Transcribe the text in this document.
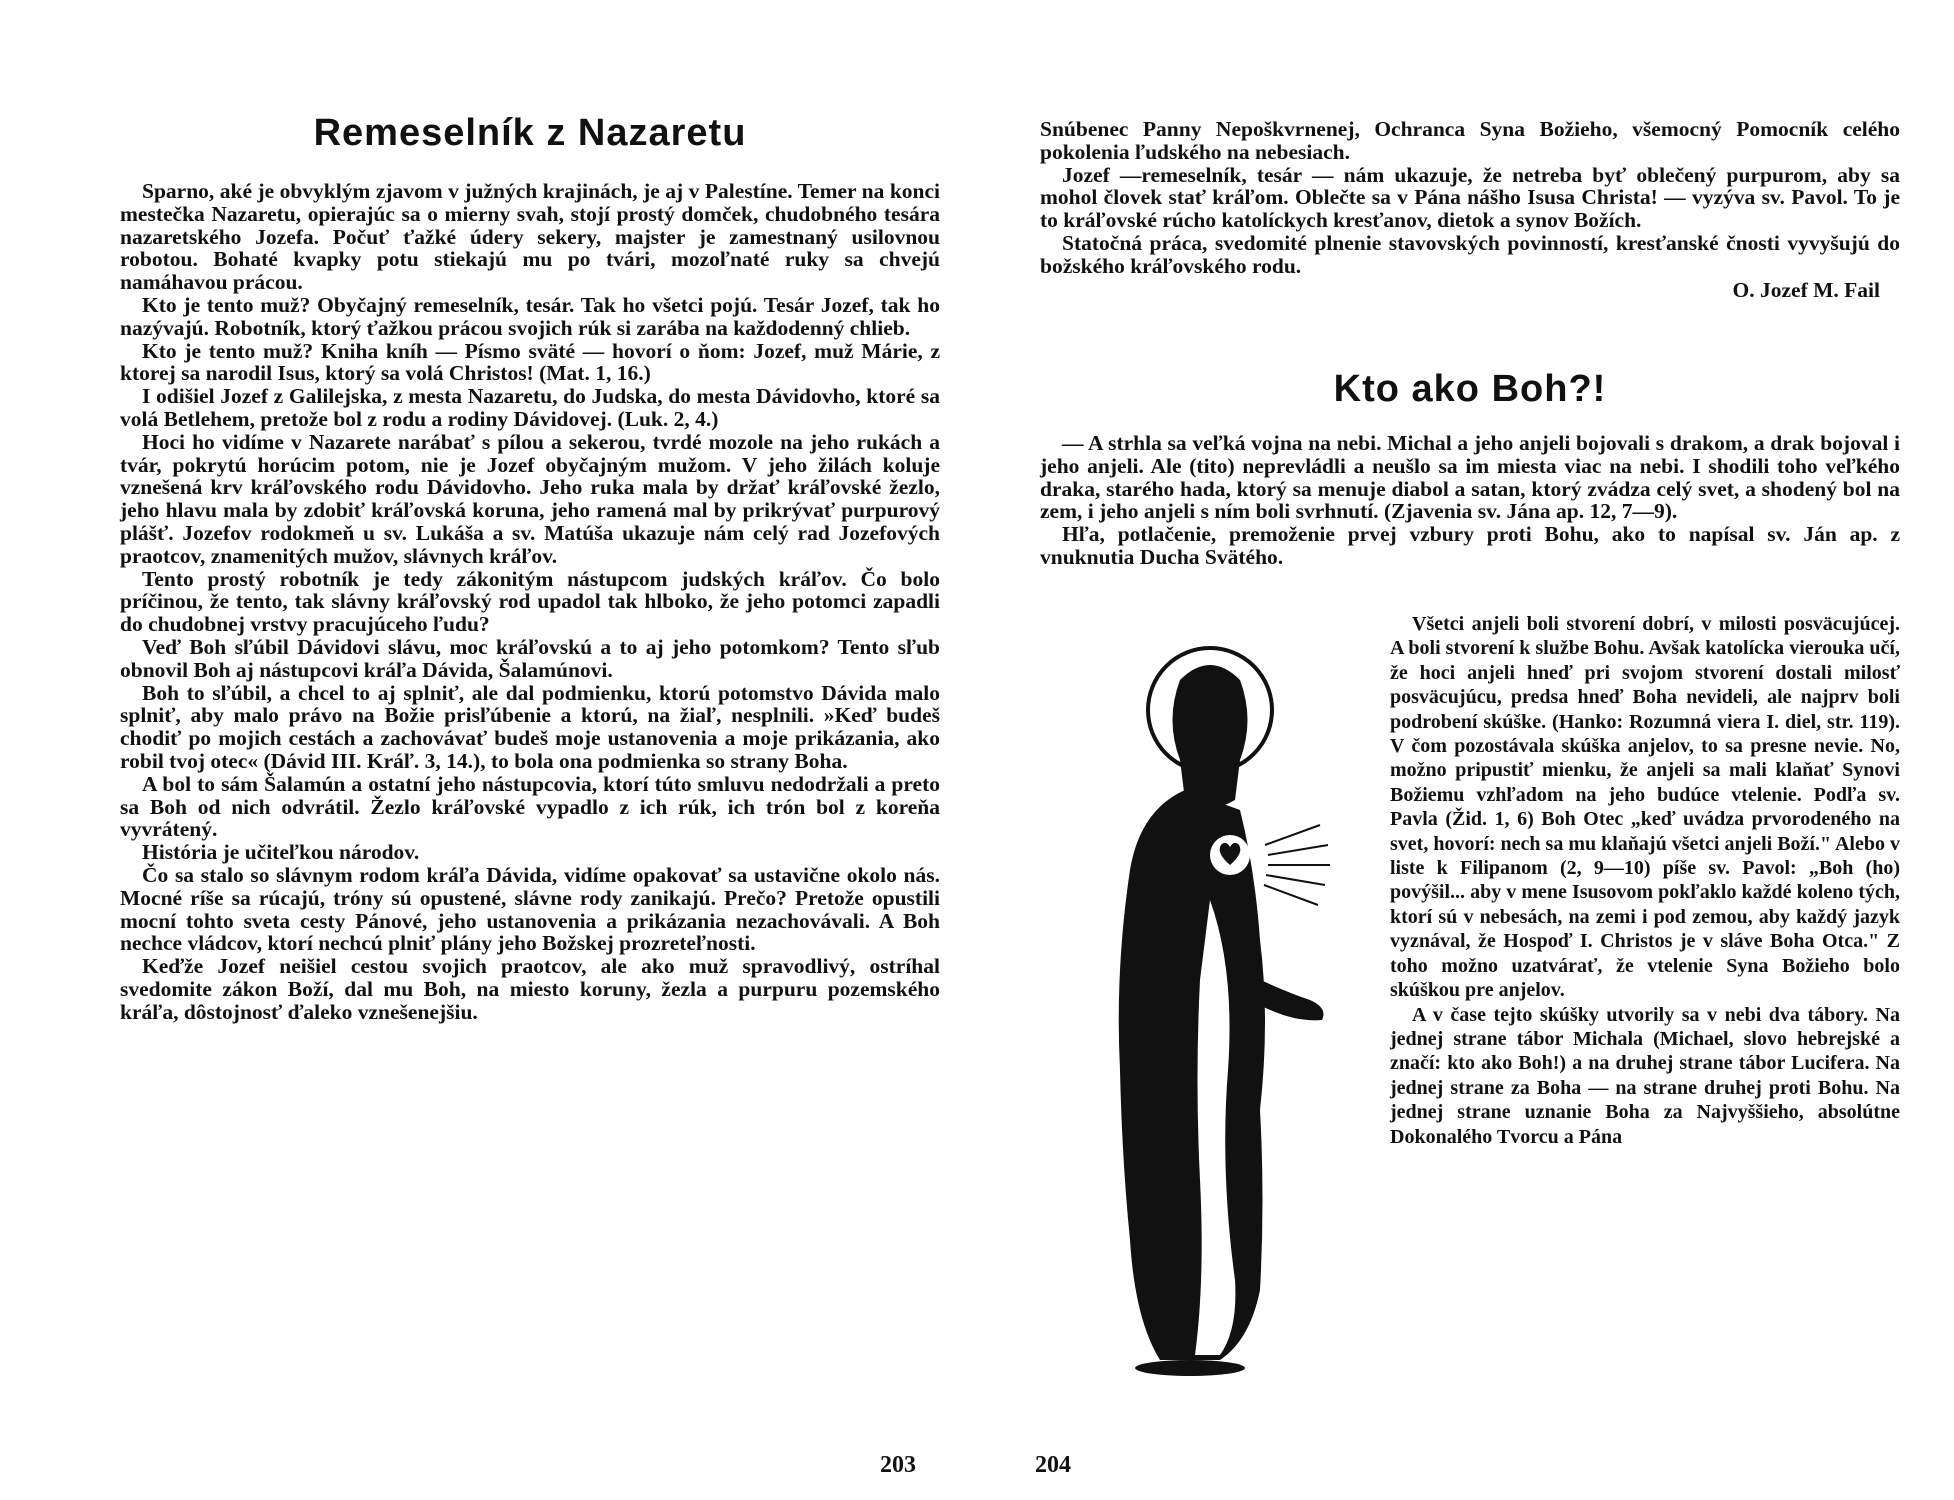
Remeselník z Nazaretu

Sparno, aké je obvyklým zjavom v južných krajinách, je aj v Palestíne. Temer na konci mestečka Nazaretu, opierajúc sa o mierny svah, stojí prostý domček, chudobného tesára nazaretského Jozefa. Počuť ťažké údery sekery, majster je zamestnaný usilovnou robotou. Bohaté kvapky potu stiekajú mu po tvári, mozoľnaté ruky sa chvejú namáhavou prácou.

Kto je tento muž? Obyčajný remeselník, tesár. Tak ho všetci pojú. Tesár Jozef, tak ho nazývajú. Robotník, ktorý ťažkou prácou svojich rúk si zarába na každodenný chlieb.

Kto je tento muž? Kniha kníh — Písmo sväté — hovorí o ňom: Jozef, muž Márie, z ktorej sa narodil Isus, ktorý sa volá Christos! (Mat. 1, 16.)

I odišiel Jozef z Galilejska, z mesta Nazaretu, do Judska, do mesta Dávidovho, ktoré sa volá Betlehem, pretože bol z rodu a rodiny Dávidovej. (Luk. 2, 4.)

Hoci ho vidíme v Nazarete narábať s pílou a sekerou, tvrdé mozole na jeho rukách a tvár, pokrytú horúcim potom, nie je Jozef obyčajným mužom. V jeho žilách koluje vznešená krv kráľovského rodu Dávidovho. Jeho ruka mala by držať kráľovské žezlo, jeho hlavu mala by zdobiť kráľovská koruna, jeho ramená mal by prikrývať purpurový plášť. Jozefov rodokmeň u sv. Lukáša a sv. Matúša ukazuje nám celý rad Jozefových praotcov, znamenitých mužov, slávnych kráľov.

Tento prostý robotník je tedy zákonitým nástupcom judských kráľov. Čo bolo príčinou, že tento, tak slávny kráľovský rod upadol tak hlboko, že jeho potomci zapadli do chudobnej vrstvy pracujúceho ľudu?

Veď Boh sľúbil Dávidovi slávu, moc kráľovskú a to aj jeho potomkom? Tento sľub obnovil Boh aj nástupcovi kráľa Dávida, Šalamúnovi.

Boh to sľúbil, a chcel to aj splniť, ale dal podmienku, ktorú potomstvo Dávida malo splniť, aby malo právo na Božie prisľúbenie a ktorú, na žiaľ, nesplnili. »Keď budeš chodiť po mojich cestách a zachovávať budeš moje ustanovenia a moje prikázania, ako robil tvoj otec« (Dávid III. Kráľ. 3, 14.), to bola ona podmienka so strany Boha.

A bol to sám Šalamún a ostatní jeho nástupcovia, ktorí túto smluvu nedodržali a preto sa Boh od nich odvrátil. Žezlo kráľovské vypadlo z ich rúk, ich trón bol z koreňa vyvrátený.

História je učiteľkou národov.

Čo sa stalo so slávnym rodom kráľa Dávida, vidíme opakovať sa ustavične okolo nás. Mocné ríše sa rúcajú, tróny sú opustené, slávne rody zanikajú. Prečo? Pretože opustili mocní tohto sveta cesty Pánové, jeho ustanovenia a prikázania nezachovávali. A Boh nechce vládcov, ktorí nechcú plniť plány jeho Božskej prozreteľnosti.

Keďže Jozef neišiel cestou svojich praotcov, ale ako muž spravodlivý, ostríhal svedomite zákon Boží, dal mu Boh, na miesto koruny, žezla a purpuru pozemského kráľa, dôstojnosť ďaleko vznešenejšiu.

203

Snúbenec Panny Nepoškvrnenej, Ochranca Syna Božieho, všemocný Pomocník celého pokolenia ľudského na nebesiach.

Jozef —remeselník, tesár — nám ukazuje, že netreba byť oblečený purpurom, aby sa mohol človek stať kráľom. Oblečte sa v Pána nášho Isusa Christa! — vyzýva sv. Pavol. To je to kráľovské rúcho katolíckych kresťanov, dietok a synov Božích.

Statočná práca, svedomité plnenie stavovských povinností, kresťanské čnosti vyvyšujú do božského kráľovského rodu.

O. Jozef M. Fail
Kto ako Boh?!

— A strhla sa veľká vojna na nebi. Michal a jeho anjeli bojovali s drakom, a drak bojoval i jeho anjeli. Ale (tito) neprevládli a neušlo sa im miesta viac na nebi. I shodili toho veľkého draka, starého hada, ktorý sa menuje diabol a satan, ktorý zvádza celý svet, a shodený bol na zem, i jeho anjeli s ním boli svrhnutí. (Zjavenia sv. Jána ap. 12, 7—9).

Hľa, potlačenie, premoženie prvej vzbury proti Bohu, ako to napísal sv. Ján ap. z vnuknutia Ducha Svätého.

Všetci anjeli boli stvorení dobrí, v milosti posväcujúcej. A boli stvorení k službe Bohu. Avšak katolícka vierouka učí, že hoci anjeli hneď pri svojom stvorení dostali milosť posväcujúcu, predsa hneď Boha nevideli, ale najprv boli podrobení skúške. (Hanko: Rozumná viera I. diel, str. 119). V čom pozostávala skúška anjelov, to sa presne nevie. No, možno pripustiť mienku, že anjeli sa mali klaňať Synovi Božiemu vzhľadom na jeho budúce vtelenie. Podľa sv. Pavla (Žid. 1, 6) Boh Otec „keď uvádza prvorodeného na svet, hovorí: nech sa mu klaňajú všetci anjeli Boží." Alebo v liste k Filipanom (2, 9—10) píše sv. Pavol: „Boh (ho) povýšil... aby v mene Isusovom pokľaklo každé koleno tých, ktorí sú v nebesách, na zemi i pod zemou, aby každý jazyk vyznával, že Hospoď I. Christos je v sláve Boha Otca." Z toho možno uzatvárať, že vtelenie Syna Božieho bolo skúškou pre anjelov.

A v čase tejto skúšky utvorily sa v nebi dva tábory. Na jednej strane tábor Michala (Michael, slovo hebrejské a značí: kto ako Boh!) a na druhej strane tábor Lucifera. Na jednej strane za Boha — na strane druhej proti Bohu. Na jednej strane uznanie Boha za Najvyššieho, absolútne Dokonalého Tvorcu a Pána

204
